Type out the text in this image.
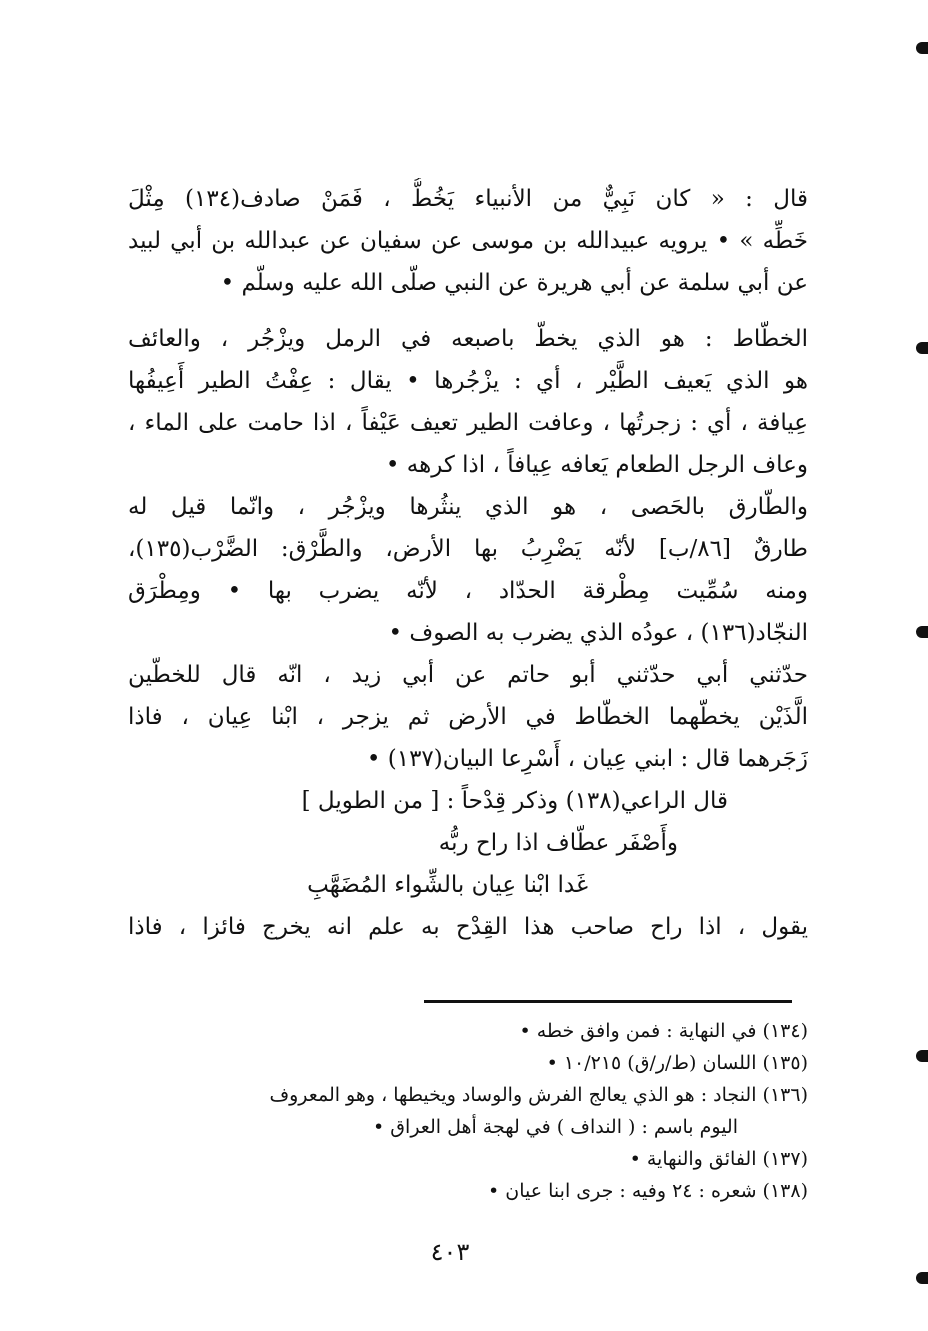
قال : « كان نَبِيٌّ من الأنبياء يَخُطُّ ، فَمَنْ صادف(١٣٤) مِثْلَ
خَطِّه » • يرويه عبيدالله بن موسى عن سفيان عن عبدالله بن أبي لبيد
عن أبي سلمة عن أبي هريرة عن النبي صلّى الله عليه وسلّم •
الخطّاط : هو الذي يخطّ باصبعه في الرمل ويزْجُر ، والعائف
هو الذي يَعيف الطَّيْر ، أي : يزْجُرها • يقال : عِفْتُ الطير أَعِيفُها
عِيافة ، أي : زجرتُها ، وعافت الطير تعيف عَيْفاً ، اذا حامت على الماء ،
وعاف الرجل الطعام يَعافه عِيافاً ، اذا كرهه •
والطّارق بالحَصى ، هو الذي ينثُرها ويزْجُر ، وانّما قيل له
طارقٌ [٨٦/ب] لأنّه يَضْرِبُ بها الأرض، والطَّرْق: الضَّرْب(١٣٥)،
ومنه سُمِّيت مِطْرقة الحدّاد ، لأنّه يضرب بها • ومِطْرَق
النجّاد(١٣٦) ، عودُه الذي يضرب به الصوف •
حدّثني أبي حدّثني أبو حاتم عن أبي زيد ، انّه قال للخطّين
الَّذَيْن يخطّهما الخطّاط في الأرض ثم يزجر ، ابْنا عِيان ، فاذا
زَجَرهما قال : ابني عِيان ، أَسْرِعا البيان(١٣٧) •
قال الراعي(١٣٨) وذكر قِدْحاً : [ من الطويل ]
وأَصْفَر عطّاف اذا راح ربُّه
غَدا ابْنا عِيان بالشِّواء المُضَهَّبِ
يقول ، اذا راح صاحب هذا القِدْح به علم انه يخرج فائزا ، فاذا
(١٣٤) في النهاية : فمن وافق خطه •
(١٣٥) اللسان (ط/ر/ق) ١٠/٢١٥ •
(١٣٦) النجاد : هو الذي يعالج الفرش والوساد ويخيطها ، وهو المعروف
اليوم باسم : ( النداف ) في لهجة أهل العراق •
(١٣٧) الفائق والنهاية •
(١٣٨) شعره : ٢٤ وفيه : جرى ابنا عيان •
٤٠٣
